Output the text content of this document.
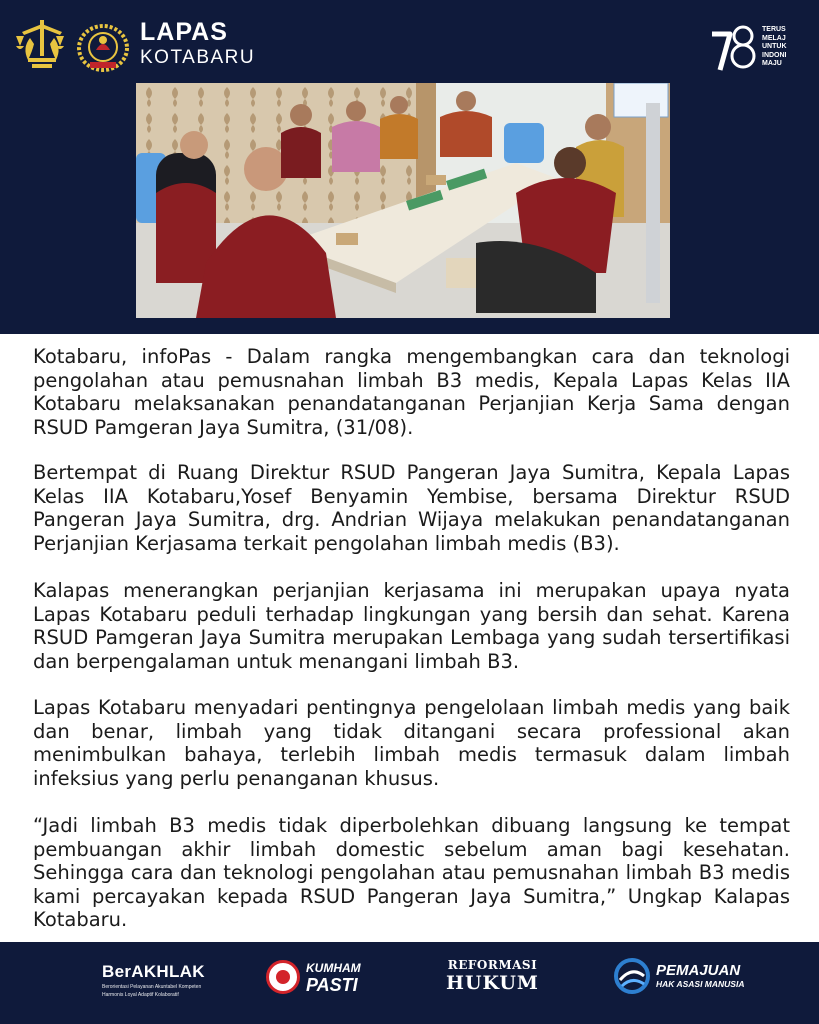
LAPAS
KOTABARU
TERUS
MELAJ
UNTUK
INDONI
MAJU

Kotabaru, infoPas - Dalam rangka mengembangkan cara dan teknologi pengolahan atau pemusnahan limbah B3 medis, Kepala Lapas Kelas IIA Kotabaru melaksanakan penandatanganan Perjanjian Kerja Sama dengan RSUD Pamgeran Jaya Sumitra, (31/08).

Bertempat di Ruang Direktur RSUD Pangeran Jaya Sumitra, Kepala Lapas Kelas IIA Kotabaru,Yosef Benyamin Yembise, bersama Direktur RSUD Pangeran Jaya Sumitra, drg. Andrian Wijaya melakukan penandatanganan Perjanjian Kerjasama terkait pengolahan limbah medis (B3).

Kalapas menerangkan perjanjian kerjasama ini merupakan upaya nyata Lapas Kotabaru peduli terhadap lingkungan yang bersih dan sehat. Karena RSUD Pamgeran Jaya Sumitra merupakan Lembaga yang sudah tersertifikasi dan berpengalaman untuk menangani limbah B3.

Lapas Kotabaru menyadari pentingnya pengelolaan limbah medis yang baik dan benar, limbah yang tidak ditangani secara professional akan menimbulkan bahaya, terlebih limbah medis termasuk dalam limbah infeksius yang perlu penanganan khusus.

“Jadi limbah B3 medis tidak diperbolehkan dibuang langsung ke tempat pembuangan akhir limbah domestic sebelum aman bagi kesehatan. Sehingga cara dan teknologi pengolahan atau pemusnahan limbah B3 medis kami percayakan kepada RSUD Pangeran Jaya Sumitra,” Ungkap Kalapas Kotabaru.

BerAKHLAK
Berorientasi Pelayanan Akuntabel Kompeten
Harmonis Loyal Adaptif Kolaboratif
KUMHAM
PASTI
REFORMASI
HUKUM
PEMAJUAN
HAK ASASI MANUSIA
